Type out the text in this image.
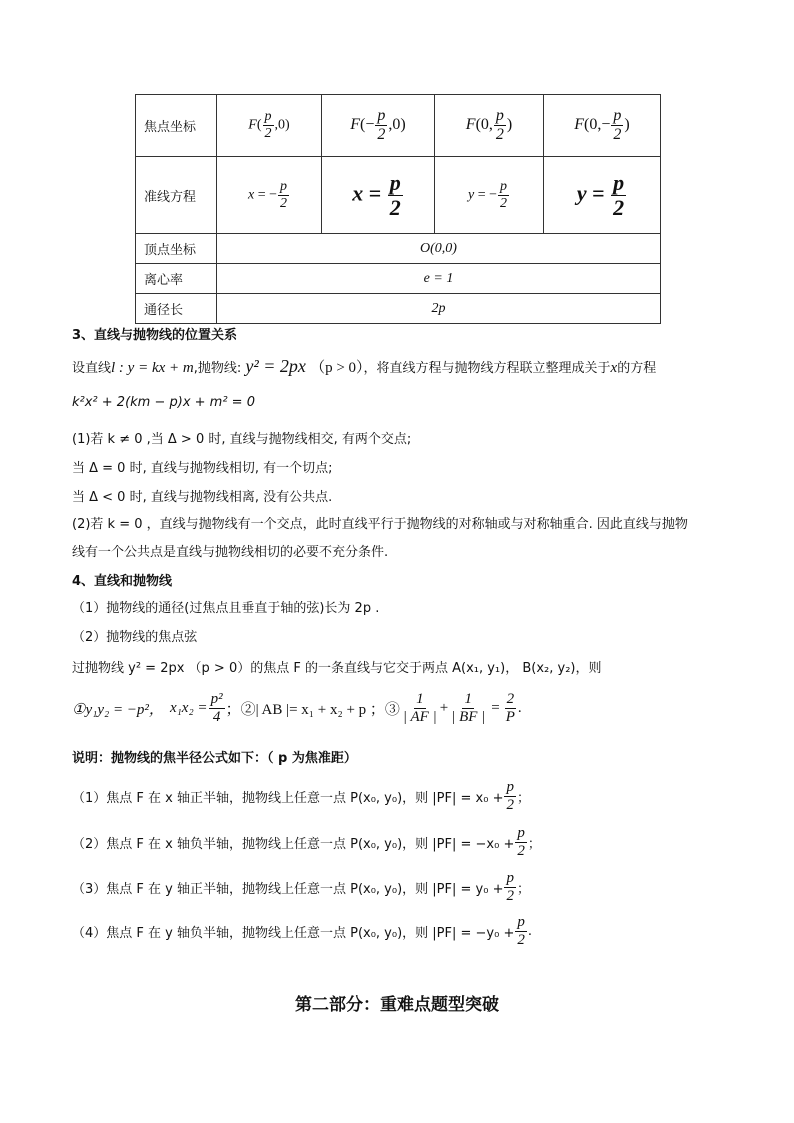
焦点坐标	$F( \frac{p}{2} ,0)$	$F(- \frac{p}{2} ,0)$	F(0, $\frac{p}{2}$ )	$F(0,- \frac{p}{2}$ )
准线方程	x = − $\frac{p}{2}$	$x = \frac{p}{2}$	y = − $\frac{p}{2}$	$y = \frac{p}{2}$

顶点坐标	O(0,0)			
离心率	e = 1			
通径长	2p			
3、直线与抛物线的位置关系
设直线l : y = kx + m,抛物线: y² = 2px （p > 0），将直线方程与抛物线方程联立整理成关于x的方程
k²x² + 2(km − p)x + m² = 0
(1)若 k ≠ 0 ,当 Δ > 0 时, 直线与抛物线相交, 有两个交点;
当 Δ = 0 时, 直线与抛物线相切, 有一个切点;
当 Δ < 0 时, 直线与抛物线相离, 没有公共点.
(2)若 k = 0 ，直线与抛物线有一个交点，此时直线平行于抛物线的对称轴或与对称轴重合. 因此直线与抛物
线有一个公共点是直线与抛物线相切的必要不充分条件.
4、直线和抛物线
（1）抛物线的通径(过焦点且垂直于轴的弦)长为 2p .
（2）抛物线的焦点弦
过抛物线 y² = 2px （p > 0）的焦点 F 的一条直线与它交于两点 A(x₁, y₁)， B(x₂, y₂)，则
①y₁y₂ = −p²， $x_1x_2 = \frac{\text{p²}}{4}$ ；②| AB |= x₁ + x₂ + p ；③ $\frac{1}{| AF |} + \frac{1}{| BF |} = \frac{2}{P}$ .
说明：抛物线的焦半径公式如下：（ p 为焦准距）
（1）焦点 F 在 x 轴正半轴，抛物线上任意一点 P(x₀, y₀)，则 $|PF| = x_0 + \frac{p}{2}$ ；
（2）焦点 F 在 x 轴负半轴，抛物线上任意一点 P(x₀, y₀)，则 $|PF| = -x_0 + \frac{p}{2}$ ；
（3）焦点 F 在 y 轴正半轴，抛物线上任意一点 P(x₀, y₀)，则 $|PF| = y_0 + \frac{p}{2}$ ；
（4）焦点 F 在 y 轴负半轴，抛物线上任意一点 P(x₀, y₀)，则 $|PF| = -y_0 + \frac{p}{2}$ .
第二部分：重难点题型突破
